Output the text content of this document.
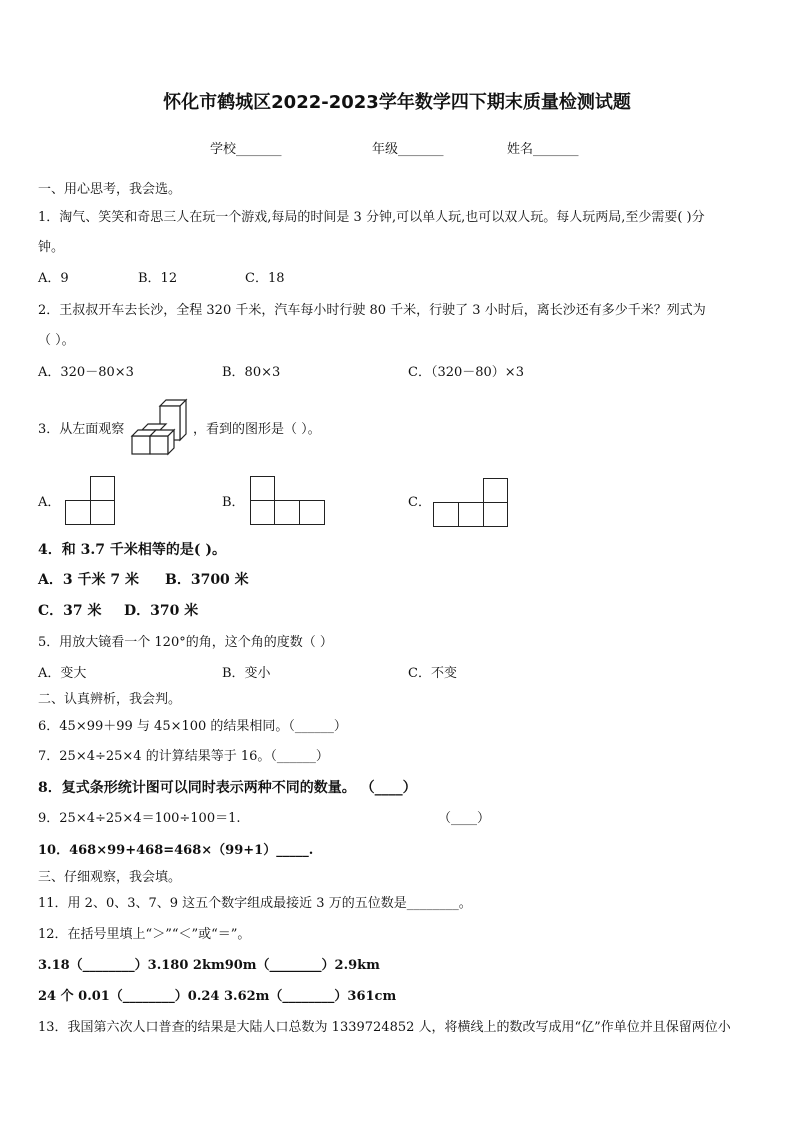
怀化市鹤城区2022-2023学年数学四下期末质量检测试题
学校_______	年级_______	姓名_______
一、用心思考，我会选。
1．淘气、笑笑和奇思三人在玩一个游戏,每局的时间是 3 分钟,可以单人玩,也可以双人玩。每人玩两局,至少需要( )分
钟。
A．9	B．12	C．18
2．王叔叔开车去长沙，全程 320 千米，汽车每小时行驶 80 千米，行驶了 3 小时后，离长沙还有多少千米？列式为
（ ）。
A．320－80×3	B．80×3	C．（320－80）×3
3．从左面观察	，看到的图形是（ ）。
A．	B．	C．
4．和 3.7 千米相等的是( )。
A．3 千米 7 米 B．3700 米
C．37 米 D．370 米
5．用放大镜看一个 120°的角，这个角的度数（ ）
A．变大	B．变小	C．不变
二、认真辨析，我会判。
6．45×99＋99 与 45×100 的结果相同。（______）
7．25×4÷25×4 的计算结果等于 16。（______）
8．复式条形统计图可以同时表示两种不同的数量。 （____）
9．25×4÷25×4＝100÷100＝1.	（____）
10．468×99+468=468×（99+1）_____.
三、仔细观察，我会填。
11．用 2、0、3、7、9 这五个数字组成最接近 3 万的五位数是________。
12．在括号里填上“＞”“＜”或“＝”。
3.18（________）3.180 2km90m（________）2.9km
24 个 0.01（________）0.24 3.62m（________）361cm
13．我国第六次人口普查的结果是大陆人口总数为 1339724852 人，将横线上的数改写成用“亿”作单位并且保留两位小
